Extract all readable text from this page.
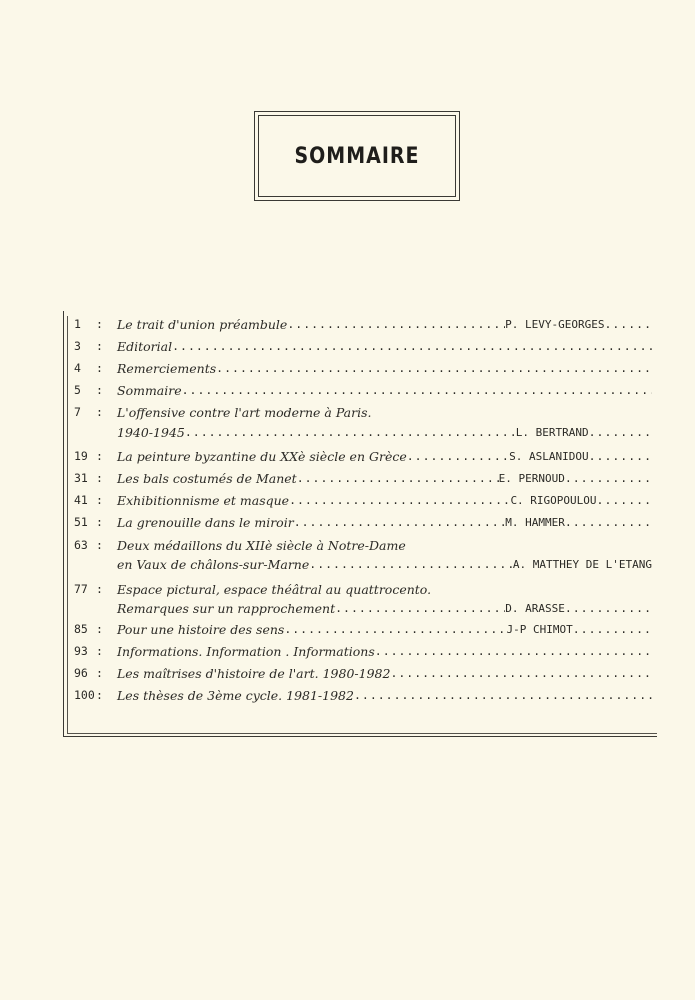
SOMMAIRE
1 : Le trait d'union préambule .....	P. LEVY-GEORGES ......
3 : Editorial
.....
4 : Remerciements
.....
5 : Sommaire
.....
7 : L'offensive contre l'art moderne à Paris.
1940-1945 .....	L. BERTRAND ........
19 : La peinture byzantine du XXè siècle en Grèce .....	S. ASLANIDOU ........
31 : Les bals costumés de Manet .....	E. PERNOUD ...........
41 : Exhibitionnisme et masque .....	C. RIGOPOULOU .......
51 : La grenouille dans le miroir .....	M. HAMMER ...........
63 : Deux médaillons du XIIè siècle à Notre-Dame
en Vaux de châlons-sur-Marne .....	A. MATTHEY DE L'ETANG
77 : Espace pictural, espace théâtral au quattrocento.
Remarques sur un rapprochement .....	D. ARASSE ...........
85 : Pour une histoire des sens .....	J-P CHIMOT ..........
93 : Informations. Information . Informations
.....
96 : Les maîtrises d'histoire de l'art. 1980-1982
.....
100 : Les thèses de 3ème cycle. 1981-1982
.....
